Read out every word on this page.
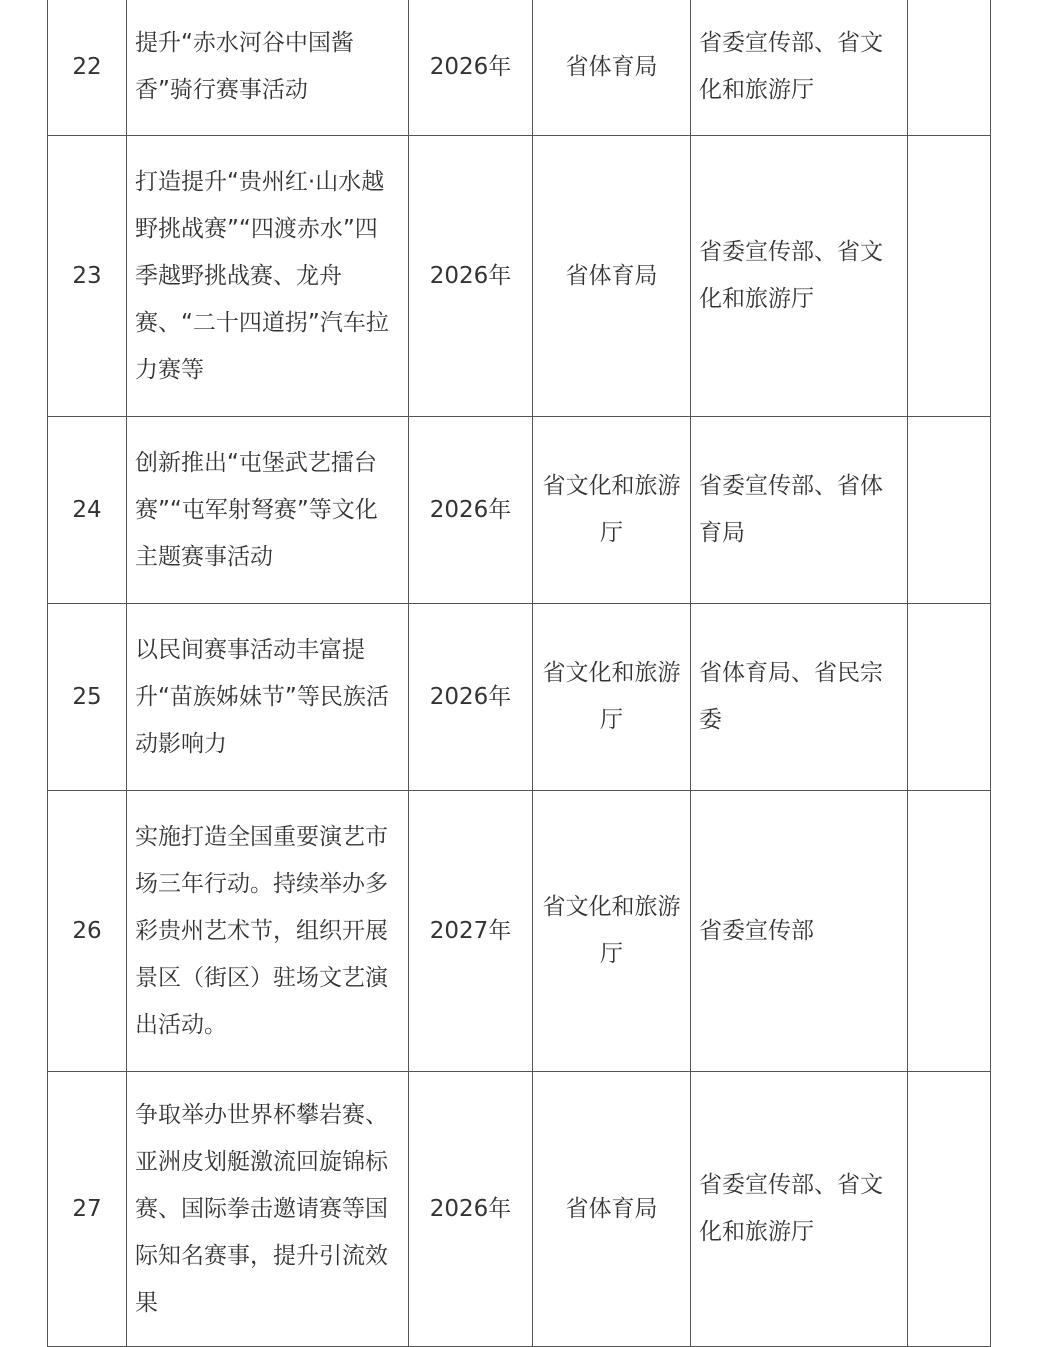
22	提升“赤水河谷中国酱香”骑行赛事活动	2026年	省体育局	省委宣传部、省文化和旅游厅	

23	打造提升“贵州红·山水越野挑战赛”“四渡赤水”四季越野挑战赛、龙舟赛、“二十四道拐”汽车拉力赛等	2026年	省体育局	省委宣传部、省文化和旅游厅	

24	创新推出“屯堡武艺擂台赛”“屯军射弩赛”等文化主题赛事活动	2026年	省文化和旅游厅	省委宣传部、省体育局	

25	以民间赛事活动丰富提升“苗族姊妹节”等民族活动影响力	2026年	省文化和旅游厅	省体育局、省民宗委	

26	实施打造全国重要演艺市场三年行动。持续举办多彩贵州艺术节，组织开展景区（街区）驻场文艺演出活动。	2027年	省文化和旅游厅	省委宣传部	

27	争取举办世界杯攀岩赛、亚洲皮划艇激流回旋锦标赛、国际拳击邀请赛等国际知名赛事，提升引流效果	2026年	省体育局	省委宣传部、省文化和旅游厅	
